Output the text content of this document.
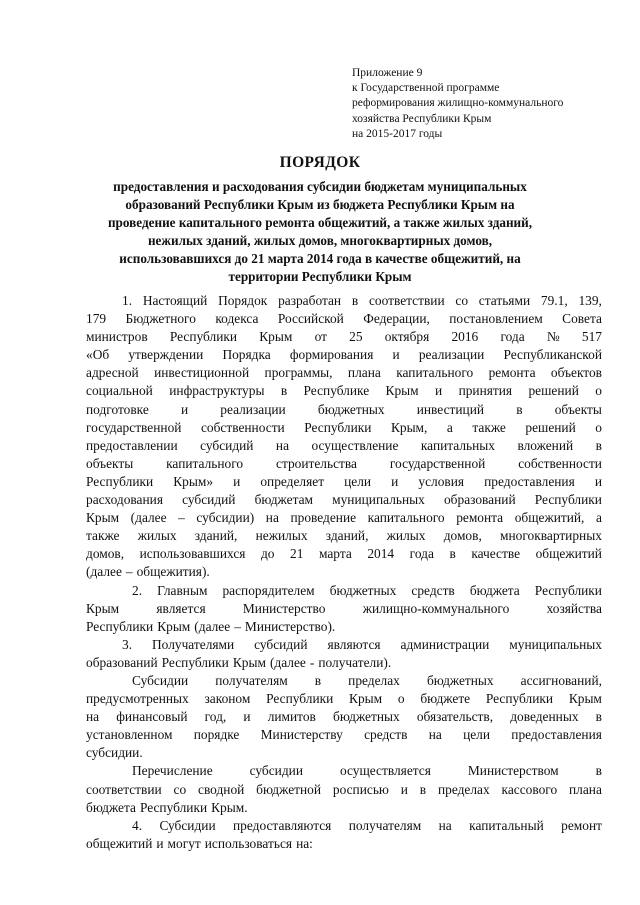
Приложение 9
к Государственной программе
реформирования жилищно-коммунального
хозяйства Республики Крым
на 2015-2017 годы
ПОРЯДОК
предоставления и расходования субсидии бюджетам муниципальных
образований Республики Крым из бюджета Республики Крым на
проведение капитального ремонта общежитий, а также жилых зданий,
нежилых зданий, жилых домов, многоквартирных домов,
использовавшихся до 21 марта 2014 года в качестве общежитий, на
территории Республики Крым
1. Настоящий Порядок разработан в соответствии со статьями 79.1, 139,
179 Бюджетного кодекса Российской Федерации, постановлением Совета
министров Республики Крым от 25 октября 2016 года № 517
«Об утверждении Порядка формирования и реализации Республиканской
адресной инвестиционной программы, плана капитального ремонта объектов
социальной инфраструктуры в Республике Крым и принятия решений о
подготовке и реализации бюджетных инвестиций в объекты
государственной собственности Республики Крым, а также решений о
предоставлении субсидий на осуществление капитальных вложений в
объекты капитального строительства государственной собственности
Республики Крым» и определяет цели и условия предоставления и
расходования субсидий бюджетам муниципальных образований Республики
Крым (далее – субсидии) на проведение капитального ремонта общежитий, а
также жилых зданий, нежилых зданий, жилых домов, многоквартирных
домов, использовавшихся до 21 марта 2014 года в качестве общежитий
(далее – общежития).
2. Главным распорядителем бюджетных средств бюджета Республики
Крым	является	Министерство	жилищно-коммунального	хозяйства
Республики Крым (далее – Министерство).
3. Получателями субсидий являются администрации муниципальных
образований Республики Крым (далее - получатели).
Субсидии получателям в пределах бюджетных ассигнований,
предусмотренных законом Республики Крым о бюджете Республики Крым
на финансовый год, и лимитов бюджетных обязательств, доведенных в
установленном порядке Министерству средств на цели предоставления
субсидии.
Перечисление	субсидии	осуществляется	Министерством	в
соответствии со сводной бюджетной росписью и в пределах кассового плана
бюджета Республики Крым.
4. Субсидии предоставляются получателям на капитальный ремонт
общежитий и могут использоваться на:
